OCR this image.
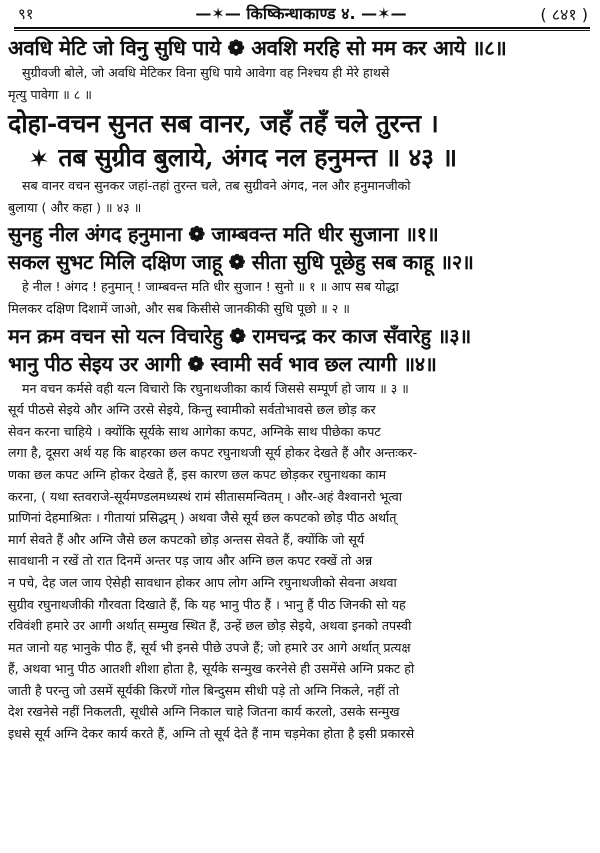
९१	—✶— किष्किन्धाकाण्ड ४. —✶—	( ८४१ )
अवधि मेटि जो विनु सुधि पाये ❁ अवशि मरहि सो मम कर आये ॥८॥

सुग्रीवजी बोले, जो अवधि मेटिकर विना सुधि पाये आवेगा वह निश्चय ही मेरे हाथसे

मृत्यु पावेगा ॥ ८ ॥

दोहा-वचन सुनत सब वानर, जहँ तहँ चले तुरन्त ।
तब सुग्रीव बुलाये, अंगद नल हनुमन्त ॥ ४३ ॥

सब वानर वचन सुनकर जहां-तहां तुरन्त चले, तब सुग्रीवने अंगद, नल और हनुमानजीको

बुलाया ( और कहा ) ॥ ४३ ॥

सुनहु नील अंगद हनुमाना ❁ जाम्बवन्त मति धीर सुजाना ॥१॥
सकल सुभट मिलि दक्षिण जाहू ❁ सीता सुधि पूछेहु सब काहू ॥२॥

हे नील ! अंगद ! हनुमान् ! जाम्बवन्त मति धीर सुजान ! सुनो ॥ १ ॥ आप सब योद्धा

मिलकर दक्षिण दिशामें जाओ, और सब किसीसे जानकीकी सुधि पूछो ॥ २ ॥

मन क्रम वचन सो यत्न विचारेहु ❁ रामचन्द्र कर काज सँवारेहु ॥३॥
भानु पीठ सेइय उर आगी ❁ स्वामी सर्व भाव छल त्यागी ॥४॥

मन वचन कर्मसे वही यत्न विचारो कि रघुनाथजीका कार्य जिससे सम्पूर्ण हो जाय ॥ ३ ॥

सूर्य पीठसे सेइये और अग्नि उरसे सेइये, किन्तु स्वामीको सर्वतोभावसे छल छोड़ कर

सेवन करना चाहिये । क्योंकि सूर्यके साथ आगेका कपट, अग्निके साथ पीछेका कपट

लगा है, दूसरा अर्थ यह कि बाहरका छल कपट रघुनाथजी सूर्य होकर देखते हैं और अन्तःकर-

णका छल कपट अग्नि होकर देखते हैं, इस कारण छल कपट छोड़कर रघुनाथका काम

करना, ( यथा स्तवराजे-सूर्यमण्डलमध्यस्थं रामं सीतासमन्वितम् । और-अहं वैश्वानरो भूत्वा

प्राणिनां देहमाश्रितः । गीतायां प्रसिद्धम् ) अथवा जैसे सूर्य छल कपटको छोड़ पीठ अर्थात्

मार्ग सेवते हैं और अग्नि जैसे छल कपटको छोड़ अन्तस सेवते हैं, क्योंकि जो सूर्य

सावधानी न रखें तो रात दिनमें अन्तर पड़ जाय और अग्नि छल कपट रक्खें तो अन्न

न पचे, देह जल जाय ऐसेही सावधान होकर आप लोग अग्नि रघुनाथजीको सेवना अथवा

सुग्रीव रघुनाथजीकी गौरवता दिखाते हैं, कि यह भानु पीठ हैं । भानु हैं पीठ जिनकी सो यह

रविवंशी हमारे उर आगी अर्थात् सम्मुख स्थित हैं, उन्हें छल छोड़ सेइये, अथवा इनको तपस्वी

मत जानो यह भानुके पीठ हैं, सूर्य भी इनसे पीछे उपजे हैं; जो हमारे उर आगे अर्थात् प्रत्यक्ष

हैं, अथवा भानु पीठ आतशी शीशा होता है, सूर्यके सन्मुख करनेसे ही उसमेंसे अग्नि प्रकट हो

जाती है परन्तु जो उसमें सूर्यकी किरणें गोल बिन्दुसम सीधी पड़े तो अग्नि निकले, नहीं तो

देश रखनेसे नहीं निकलती, सूधीसे अग्नि निकाल चाहे जितना कार्य करलो, उसके सन्मुख

इधसे सूर्य अग्नि देकर कार्य करते हैं, अग्नि तो सूर्य देते हैं नाम चड़मेका होता है इसी प्रकारसे
